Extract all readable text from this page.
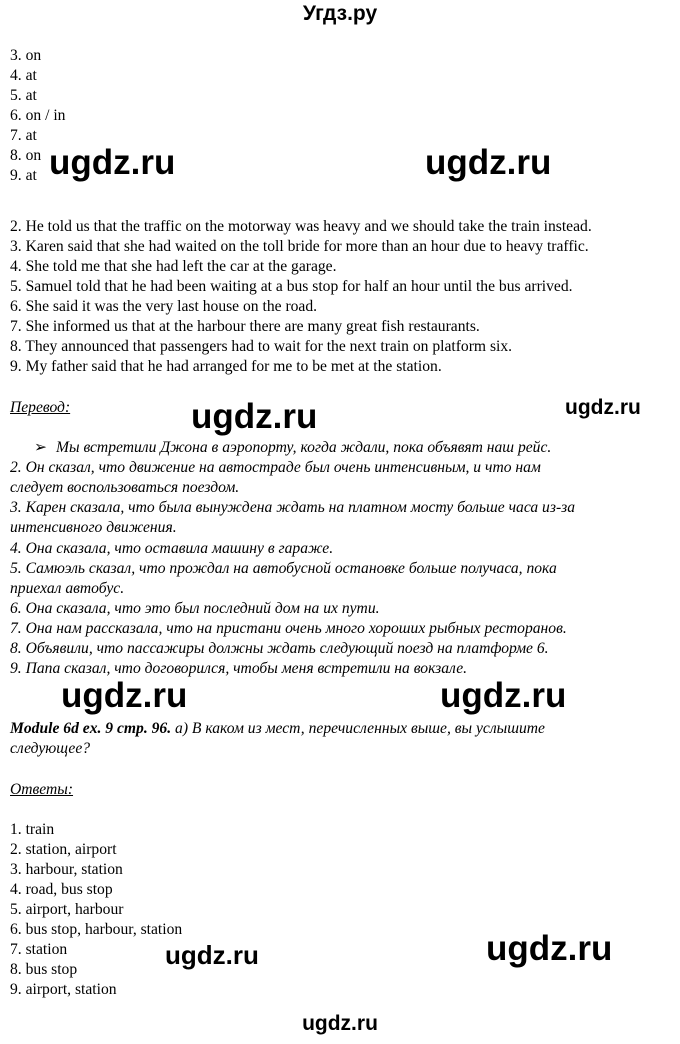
Угдз.ру
3. on
4. at
5. at
6. on / in
7. at
8. on
9. at
2. He told us that the traffic on the motorway was heavy and we should take the train instead.
3. Karen said that she had waited on the toll bride for more than an hour due to heavy traffic.
4. She told me that she had left the car at the garage.
5. Samuel told that he had been waiting at a bus stop for half an hour until the bus arrived.
6. She said it was the very last house on the road.
7. She informed us that at the harbour there are many great fish restaurants.
8. They announced that passengers had to wait for the next train on platform six.
9. My father said that he had arranged for me to be met at the station.
Перевод:
➢ Мы встретили Джона в аэропорту, когда ждали, пока объявят наш рейс.
2. Он сказал, что движение на автостраде был очень интенсивным, и что нам
следует воспользоваться поездом.
3. Карен сказала, что была вынуждена ждать на платном мосту больше часа из-за
интенсивного движения.
4. Она сказала, что оставила машину в гараже.
5. Самюэль сказал, что прождал на автобусной остановке больше получаса, пока
приехал автобус.
6. Она сказала, что это был последний дом на их пути.
7. Она нам рассказала, что на пристани очень много хороших рыбных ресторанов.
8. Объявили, что пассажиры должны ждать следующий поезд на платформе 6.
9. Папа сказал, что договорился, чтобы меня встретили на вокзале.
Module 6d ex. 9 стр. 96. a) В каком из мест, перечисленных выше, вы услышите
следующее?
Ответы:
1. train
2. station, airport
3. harbour, station
4. road, bus stop
5. airport, harbour
6. bus stop, harbour, station
7. station
8. bus stop
9. airport, station
ugdz.ru	ugdz.ru
ugdz.ru	ugdz.ru
ugdz.ru	ugdz.ru
ugdz.ru	ugdz.ru
ugdz.ru
